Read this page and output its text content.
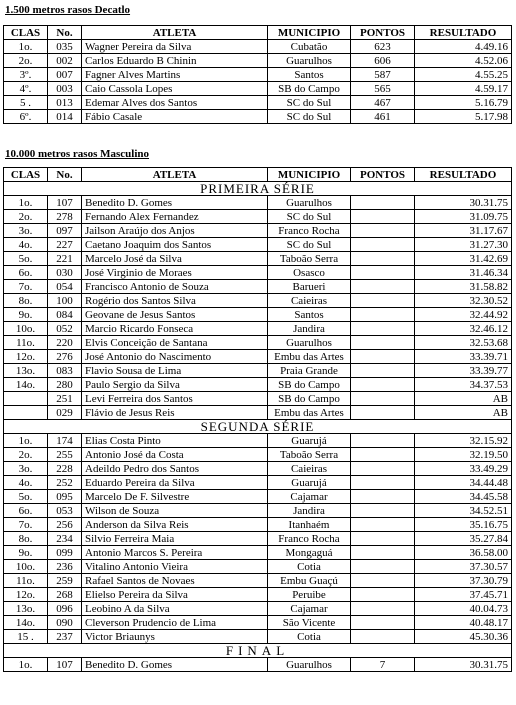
1.500 metros rasos Decatlo
CLAS	No.	ATLETA	MUNICIPIO	PONTOS	RESULTADO
1o.	035	Wagner Pereira da Silva	Cubatão	623	4.49.16
2o.	002	Carlos Eduardo B Chinin	Guarulhos	606	4.52.06
3º.	007	Fagner Alves Martins	Santos	587	4.55.25
4º.	003	Caio Cassola Lopes	SB do Campo	565	4.59.17
5 .	013	Edemar Alves dos Santos	SC do Sul	467	5.16.79
6º.	014	Fábio Casale	SC do Sul	461	5.17.98
10.000 metros rasos Masculino
CLAS	No.	ATLETA	MUNICIPIO	PONTOS	RESULTADO
PRIMEIRA SÉRIE					
1o.	107	Benedito D. Gomes	Guarulhos		30.31.75
2o.	278	Fernando Alex Fernandez	SC do Sul		31.09.75
3o.	097	Jailson Araújo dos Anjos	Franco Rocha		31.17.67
4o.	227	Caetano Joaquim dos Santos	SC do Sul		31.27.30
5o.	221	Marcelo José da Silva	Taboão Serra		31.42.69
6o.	030	José Virginio de Moraes	Osasco		31.46.34
7o.	054	Francisco Antonio de Souza	Barueri		31.58.82
8o.	100	Rogério dos Santos Silva	Caieiras		32.30.52
9o.	084	Geovane de Jesus Santos	Santos		32.44.92
10o.	052	Marcio Ricardo Fonseca	Jandira		32.46.12
11o.	220	Elvis Conceição de Santana	Guarulhos		32.53.68
12o.	276	José Antonio do Nascimento	Embu das Artes		33.39.71
13o.	083	Flavio Sousa de Lima	Praia Grande		33.39.77
14o.	280	Paulo Sergio da Silva	SB do Campo		34.37.53
	251	Levi Ferreira dos Santos	SB do Campo		AB
	029	Flávio de Jesus Reis	Embu das Artes		AB
SEGUNDA SÉRIE					
1o.	174	Elias Costa Pinto	Guarujá		32.15.92
2o.	255	Antonio José da Costa	Taboão Serra		32.19.50
3o.	228	Adeildo Pedro dos Santos	Caieiras		33.49.29
4o.	252	Eduardo Pereira da Silva	Guarujá		34.44.48
5o.	095	Marcelo De F. Silvestre	Cajamar		34.45.58
6o.	053	Wilson de Souza	Jandira		34.52.51
7o.	256	Anderson da Silva Reis	Itanhaém		35.16.75
8o.	234	Silvio Ferreira Maia	Franco Rocha		35.27.84
9o.	099	Antonio Marcos S. Pereira	Mongaguá		36.58.00
10o.	236	Vitalino Antonio Vieira	Cotia		37.30.57
11o.	259	Rafael Santos de Novaes	Embu Guaçú		37.30.79
12o.	268	Elielso Pereira da Silva	Peruibe		37.45.71
13o.	096	Leobino A da Silva	Cajamar		40.04.73
14o.	090	Cleverson Prudencio de Lima	São Vicente		40.48.17
15 .	237	Victor Briaunys	Cotia		45.30.36
FINAL					
1o.	107	Benedito D. Gomes	Guarulhos	7	30.31.75
